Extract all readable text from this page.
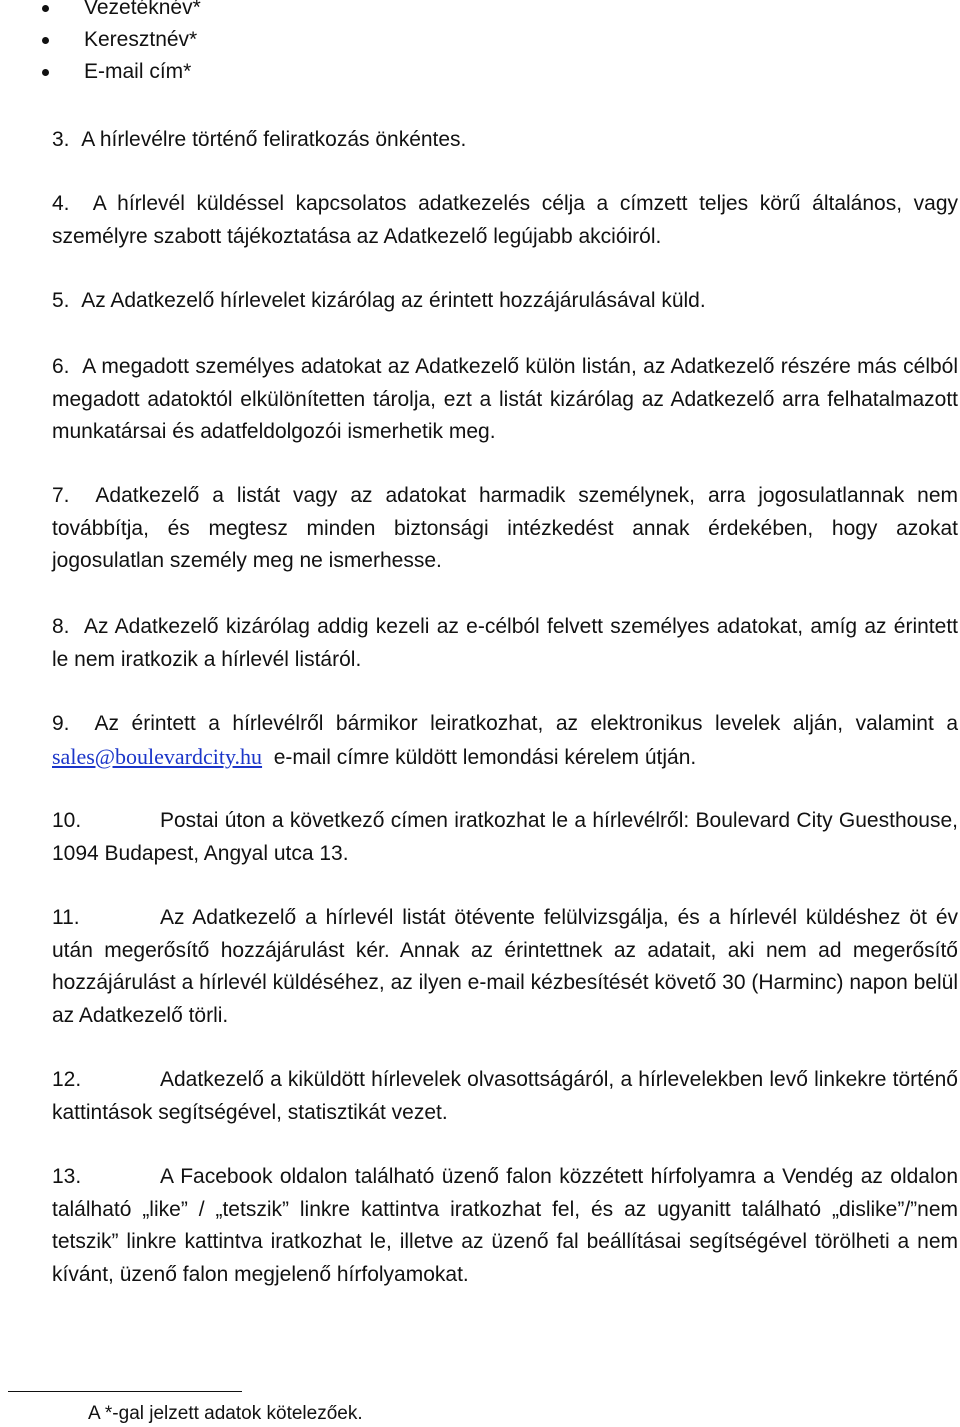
Vezetéknév*
Keresztnév*
E-mail cím*

3. A hírlevélre történő feliratkozás önkéntes.

4. A hírlevél küldéssel kapcsolatos adatkezelés célja a címzett teljes körű általános, vagy személyre szabott tájékoztatása az Adatkezelő legújabb akcióiról.

5. Az Adatkezelő hírlevelet kizárólag az érintett hozzájárulásával küld.

6. A megadott személyes adatokat az Adatkezelő külön listán, az Adatkezelő részére más célból megadott adatoktól elkülönítetten tárolja, ezt a listát kizárólag az Adatkezelő arra felhatalmazott munkatársai és adatfeldolgozói ismerhetik meg.

7. Adatkezelő a listát vagy az adatokat harmadik személynek, arra jogosulatlannak nem továbbítja, és megtesz minden biztonsági intézkedést annak érdekében, hogy azokat jogosulatlan személy meg ne ismerhesse.

8. Az Adatkezelő kizárólag addig kezeli az e-célból felvett személyes adatokat, amíg az érintett le nem iratkozik a hírlevél listáról.

9. Az érintett a hírlevélről bármikor leiratkozhat, az elektronikus levelek alján, valamint a sales@boulevardcity.hu e-mail címre küldött lemondási kérelem útján.

10.	Postai úton a következő címen iratkozhat le a hírlevélről: Boulevard City Guesthouse, 1094 Budapest, Angyal utca 13.

11.	Az Adatkezelő a hírlevél listát ötévente felülvizsgálja, és a hírlevél küldéshez öt év után megerősítő hozzájárulást kér. Annak az érintettnek az adatait, aki nem ad megerősítő hozzájárulást a hírlevél küldéséhez, az ilyen e-mail kézbesítését követő 30 (Harminc) napon belül az Adatkezelő törli.

12.	Adatkezelő a kiküldött hírlevelek olvasottságáról, a hírlevelekben levő linkekre történő kattintások segítségével, statisztikát vezet.

13.	A Facebook oldalon található üzenő falon közzétett hírfolyamra a Vendég az oldalon található „like” / „tetszik” linkre kattintva iratkozhat fel, és az ugyanitt található „dislike”/”nem tetszik” linkre kattintva iratkozhat le, illetve az üzenő fal beállításai segítségével törölheti a nem kívánt, üzenő falon megjelenő hírfolyamokat.

A *-gal jelzett adatok kötelezőek.
